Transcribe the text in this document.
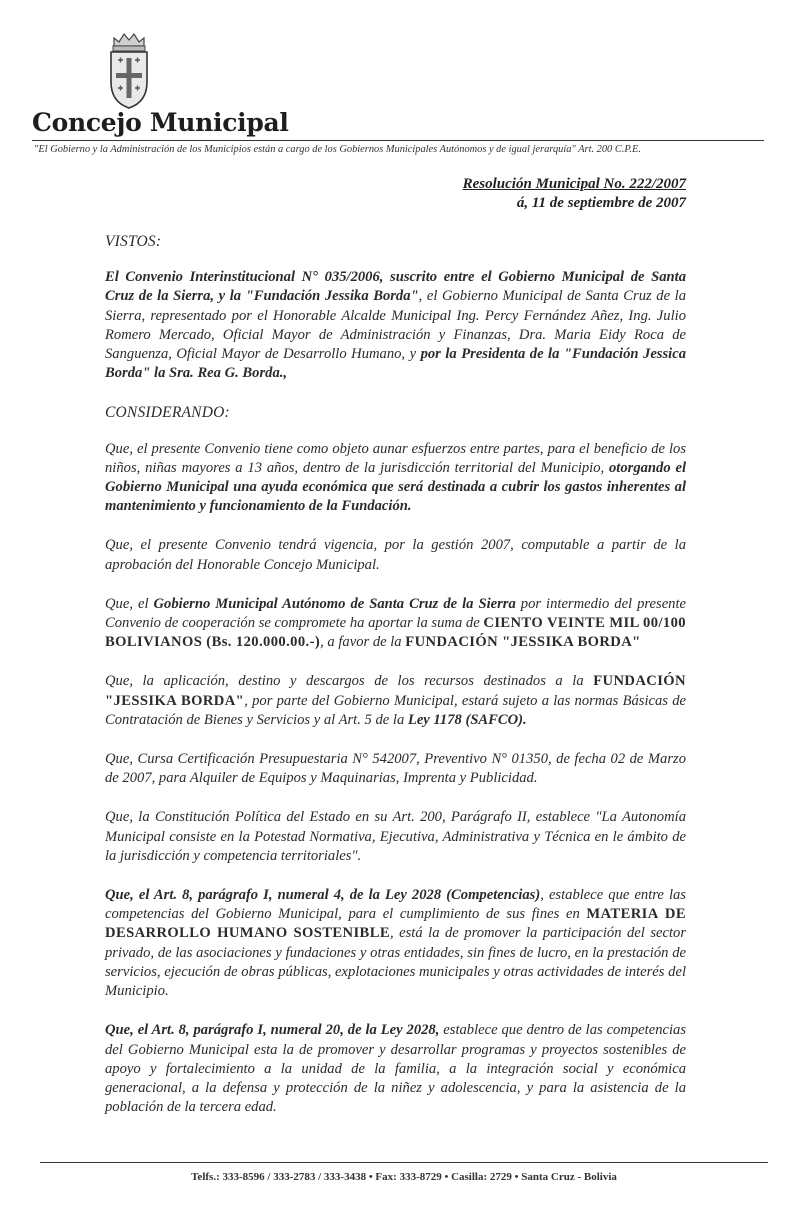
Concejo Municipal
"El Gobierno y la Administración de los Municipios están a cargo de los Gobiernos Municipales Autónomos y de igual jerarquía" Art. 200 C.P.E.
Resolución Municipal No. 222/2007
á, 11 de septiembre de 2007

VISTOS:

El Convenio Interinstitucional N° 035/2006, suscrito entre el Gobierno Municipal de Santa Cruz de la Sierra, y la "Fundación Jessika Borda", el Gobierno Municipal de Santa Cruz de la Sierra, representado por el Honorable Alcalde Municipal Ing. Percy Fernández Añez, Ing. Julio Romero Mercado, Oficial Mayor de Administración y Finanzas, Dra. Maria Eidy Roca de Sanguenza, Oficial Mayor de Desarrollo Humano, y por la Presidenta de la "Fundación Jessica Borda" la Sra. Rea G. Borda.,

CONSIDERANDO:

Que, el presente Convenio tiene como objeto aunar esfuerzos entre partes, para el beneficio de los niños, niñas mayores a 13 años, dentro de la jurisdicción territorial del Municipio, otorgando el Gobierno Municipal una ayuda económica que será destinada a cubrir los gastos inherentes al mantenimiento y funcionamiento de la Fundación.

Que, el presente Convenio tendrá vigencia, por la gestión 2007, computable a partir de la aprobación del Honorable Concejo Municipal.

Que, el Gobierno Municipal Autónomo de Santa Cruz de la Sierra por intermedio del presente Convenio de cooperación se compromete ha aportar la suma de CIENTO VEINTE MIL 00/100 BOLIVIANOS (Bs. 120.000.00.-), a favor de la FUNDACIÓN "JESSIKA BORDA"

Que, la aplicación, destino y descargos de los recursos destinados a la FUNDACIÓN "JESSIKA BORDA", por parte del Gobierno Municipal, estará sujeto a las normas Básicas de Contratación de Bienes y Servicios y al Art. 5 de la Ley 1178 (SAFCO).

Que, Cursa Certificación Presupuestaria N° 542007, Preventivo N° 01350, de fecha 02 de Marzo de 2007, para Alquiler de Equipos y Maquinarias, Imprenta y Publicidad.

Que, la Constitución Política del Estado en su Art. 200, Parágrafo II, establece "La Autonomía Municipal consiste en la Potestad Normativa, Ejecutiva, Administrativa y Técnica en le ámbito de la jurisdicción y competencia territoriales".

Que, el Art. 8, parágrafo I, numeral 4, de la Ley 2028 (Competencias), establece que entre las competencias del Gobierno Municipal, para el cumplimiento de sus fines en MATERIA DE DESARROLLO HUMANO SOSTENIBLE, está la de promover la participación del sector privado, de las asociaciones y fundaciones y otras entidades, sin fines de lucro, en la prestación de servicios, ejecución de obras públicas, explotaciones municipales y otras actividades de interés del Municipio.

Que, el Art. 8, parágrafo I, numeral 20, de la Ley 2028, establece que dentro de las competencias del Gobierno Municipal esta la de promover y desarrollar programas y proyectos sostenibles de apoyo y fortalecimiento a la unidad de la familia, a la integración social y económica generacional, a la defensa y protección de la niñez y adolescencia, y para la asistencia de la población de la tercera edad.

Telfs.: 333-8596 / 333-2783 / 333-3438 • Fax: 333-8729 • Casilla: 2729 • Santa Cruz - Bolivia
